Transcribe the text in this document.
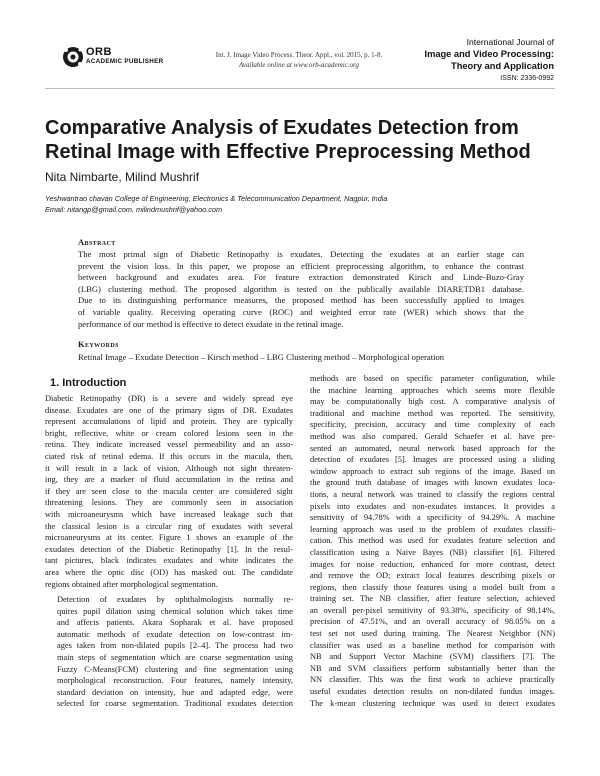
ORB
ACADEMIC PUBLISHER
Int. J. Image Video Process. Theor. Appl., vol. 2015, p. 1-8.
Available online at www.orb-academic.org
International Journal of
Image and Video Processing:
Theory and Application
ISSN: 2336-0992
Comparative Analysis of Exudates Detection from
Retinal Image with Effective Preprocessing Method
Nita Nimbarte, Milind Mushrif
Yeshwantrao chavan College of Engineering, Electronics & Telecommunication Department, Nagpur, India
Email: nitangp@gmail.com, milindmushrif@yahoo.com
Abstract
The most primal sign of Diabetic Retinopathy is exudates. Detecting the exudates at an earlier stage can
prevent the vision loss. In this paper, we propose an efficient preprocessing algorithm, to enhance the contrast
between background and exudates area. For feature extraction demonstrated Kirsch and Linde-Buzo-Gray
(LBG) clustering method. The proposed algorithm is tested on the publically available DIARETDB1 database.
Due to its distinguishing performance measures, the proposed method has been successfully applied to images
of variable quality. Receiving operating curve (ROC) and weighted error rate (WER) which shows that the
performance of our method is effective to detect exudate in the retinal image.
Keywords
Retinal Image – Exudate Detection – Kirsch method – LBG Clustering method – Morphological operation
1. Introduction

Diabetic Retinopathy (DR) is a severe and widely spread eye
disease. Exudates are one of the primary signs of DR. Exudates
represent accumulations of lipid and protein. They are typically
bright, reflective, white or cream colored lesions seen in the
retina. They indicate increased vessel permeability and an asso-
ciated risk of retinal edema. If this occurs in the macula, then,
it will result in a lack of vision. Although not sight threaten-
ing, they are a marker of fluid accumulation in the retina and
if they are seen close to the macula center are considered sight
threatening lesions. They are commonly seen in association
with microaneurysms which have increased leakage such that
the classical lesion is a circular ring of exudates with several
microaneurysms at its center. Figure 1 shows an example of the
exudates detection of the Diabetic Retinopathy [1]. In the resul-
tant pictures, black indicates exudates and white indicates the
area where the optic disc (OD) has masked out. The candidate
regions obtained after morphological segmentation.

Detection of exudates by ophthalmologists normally re-
quires pupil dilation using chemical solution which takes time
and affects patients. Akara Sopharak et al. have proposed
automatic methods of exudate detection on low-contrast im-
ages taken from non-dilated pupils [2–4]. The process had two
main steps of segmentation which are coarse segmentation using
Fuzzy C-Means(FCM) clustering and fine segmentation using
morphological reconstruction. Four features, namely intensity,
standard deviation on intensity, hue and adapted edge, were
selected for coarse segmentation. Traditional exudates detection

methods are based on specific parameter configuration, while
the machine learning approaches which seems more flexible
may be computationally high cost. A comparative analysis of
traditional and machine method was reported. The sensitivity,
specificity, precision, accuracy and time complexity of each
method was also compared. Gerald Schaefer et al. have pre-
sented an automated, neural network based approach for the
detection of exudates [5]. Images are processed using a sliding
window approach to extract sub regions of the image. Based on
the ground truth database of images with known exudates loca-
tions, a neural network was trained to classify the regions central
pixels into exudates and non-exudates instances. It provides a
sensitivity of 94.78% with a specificity of 94.29%. A machine
learning approach was used to the problem of exudates classifi-
cation. This method was used for exudates feature selection and
classification using a Naive Bayes (NB) classifier [6]. Filtered
images for noise reduction, enhanced for more contrast, detect
and remove the OD; extract local features describing pixels or
regions, then classify those features using a model built from a
training set. The NB classifier, after feature selection, achieved
an overall per-pixel sensitivity of 93.38%, specificity of 98.14%,
precision of 47.51%, and an overall accuracy of 98.05% on a
test set not used during training. The Nearest Neighbor (NN)
classifier was used as a baseline method for comparison with
NB and Support Vector Machine (SVM) classifiers [7]. The
NB and SVM classifiers perform substantially better than the
NN classifier. This was the first work to achieve practically
useful exudates detection results on non-dilated fundus images.
The k-mean clustering technique was used to detect exudates
